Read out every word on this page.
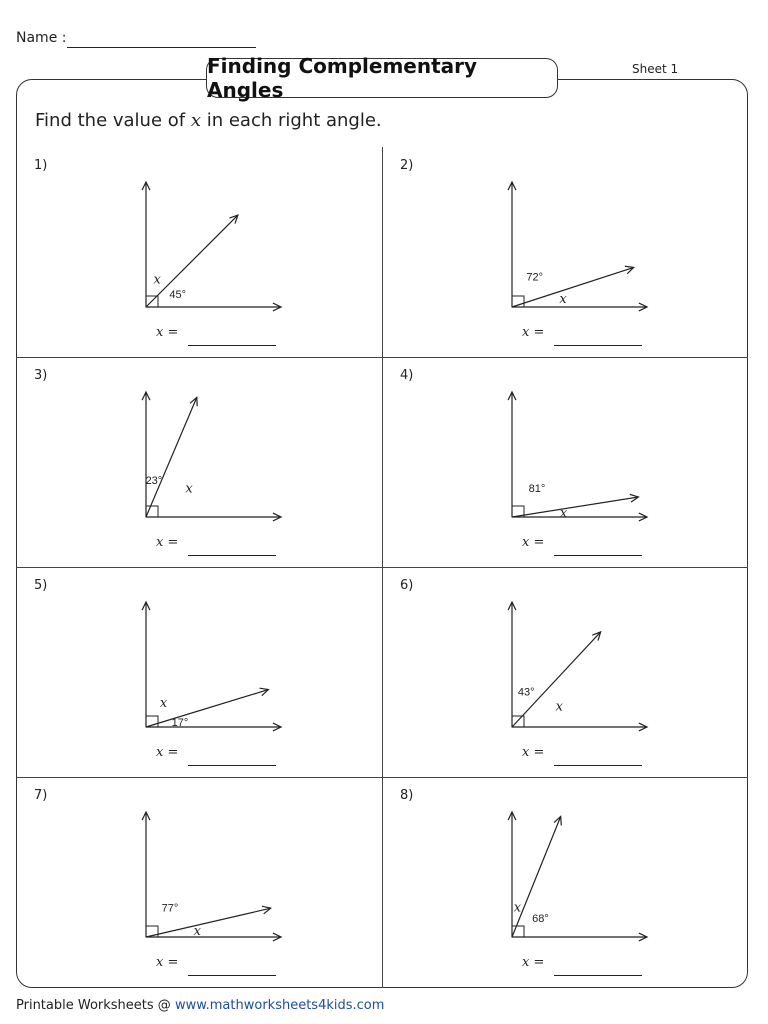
Name :
Sheet 1
Finding Complementary Angles
Find the value of x in each right angle.
1)
45°
x
x =
2)
72°
x
x =
3)
23°
x
x =
4)
81°
x
x =
5)
17°
x
x =
6)
43°
x
x =
7)
77°
x
x =
8)
68°
x
x =
Printable Worksheets @ www.mathworksheets4kids.com
